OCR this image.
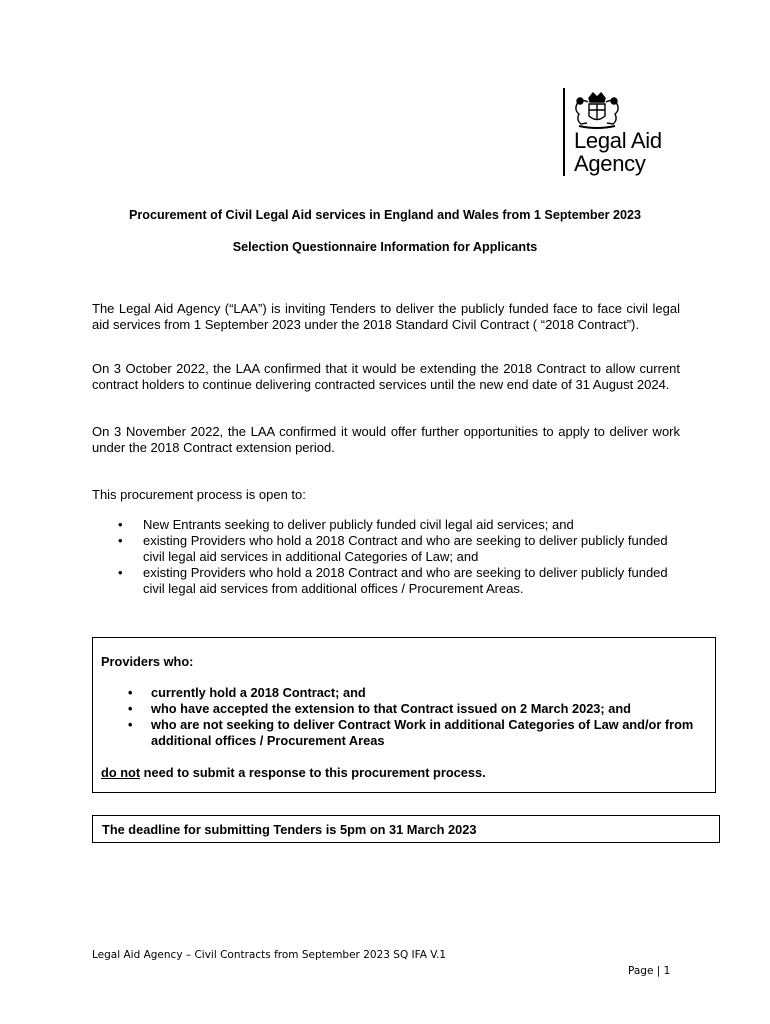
Legal Aid
Agency
Procurement of Civil Legal Aid services in England and Wales from 1 September 2023
Selection Questionnaire Information for Applicants
The Legal Aid Agency (“LAA”) is inviting Tenders to deliver the publicly funded face to face civil legal aid services from 1 September 2023 under the 2018 Standard Civil Contract ( “2018 Contract”).
On 3 October 2022, the LAA confirmed that it would be extending the 2018 Contract to allow current contract holders to continue delivering contracted services until the new end date of 31 August 2024.
On 3 November 2022, the LAA confirmed it would offer further opportunities to apply to deliver work under the 2018 Contract extension period.
This procurement process is open to:
• New Entrants seeking to deliver publicly funded civil legal aid services; and
• existing Providers who hold a 2018 Contract and who are seeking to deliver publicly funded civil legal aid services in additional Categories of Law; and
• existing Providers who hold a 2018 Contract and who are seeking to deliver publicly funded civil legal aid services from additional offices / Procurement Areas.
Providers who:
• currently hold a 2018 Contract; and
• who have accepted the extension to that Contract issued on 2 March 2023; and
• who are not seeking to deliver Contract Work in additional Categories of Law and/or from additional offices / Procurement Areas
do not need to submit a response to this procurement process.
The deadline for submitting Tenders is 5pm on 31 March 2023
Legal Aid Agency – Civil Contracts from September 2023 SQ IFA V.1
Page | 1
